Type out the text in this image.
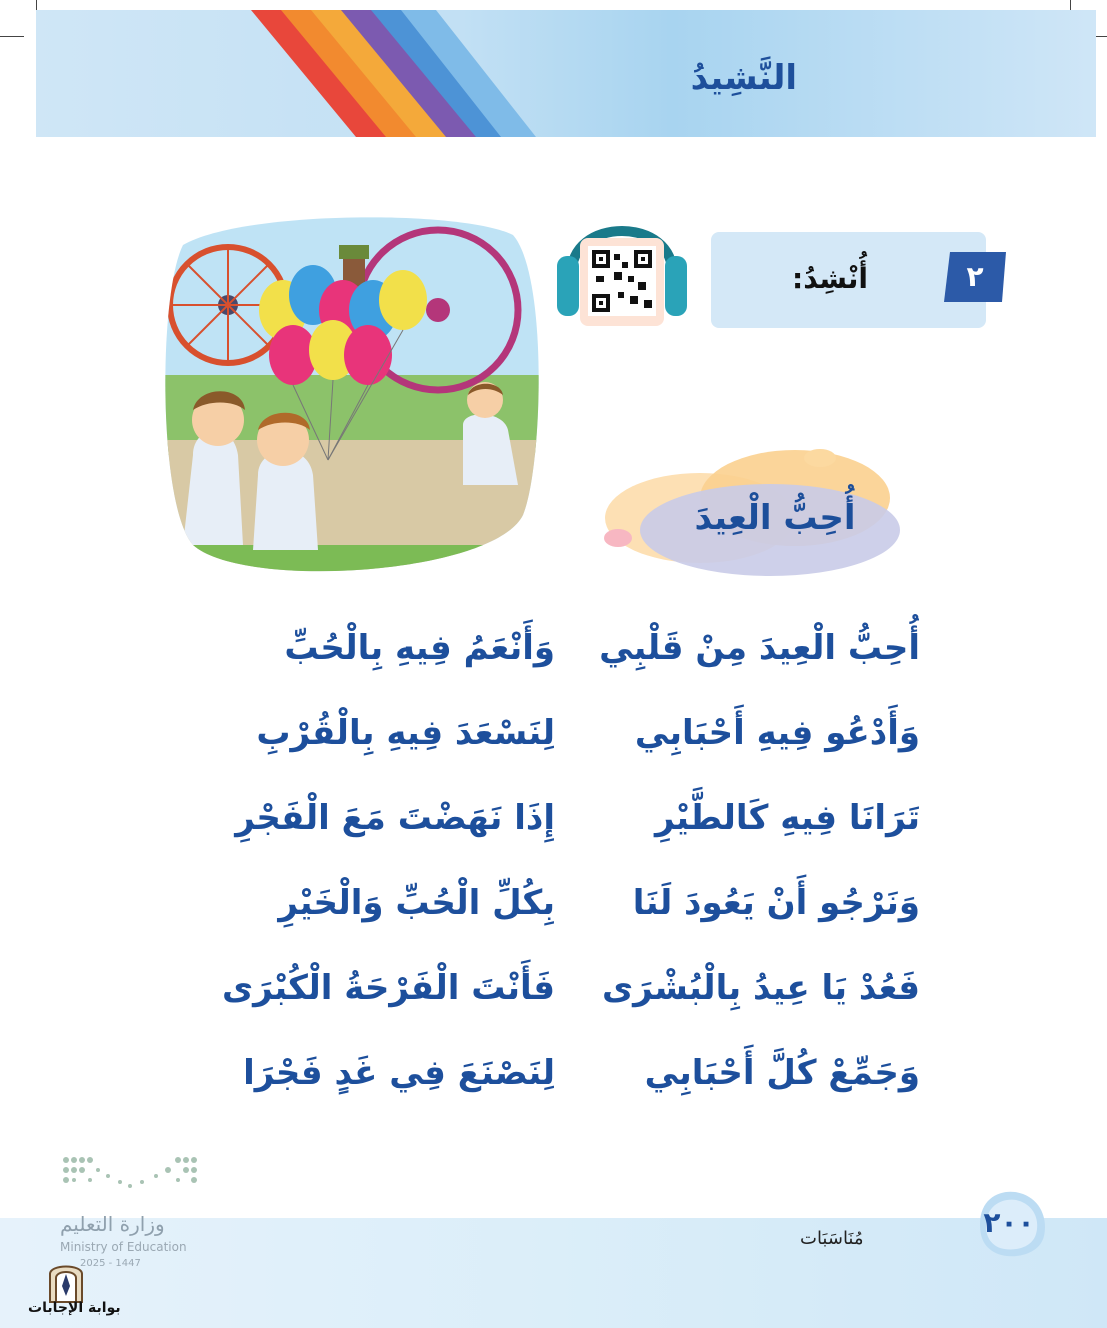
النَّشِيدُ
أُنْشِدُ:	٢
أُحِبُّ الْعِيدَ
أُحِبُّ الْعِيدَ مِنْ قَلْبِي
وَأَنْعَمُ فِيهِ بِالْحُبِّ
وَأَدْعُو فِيهِ أَحْبَابِي
لِنَسْعَدَ فِيهِ بِالْقُرْبِ
تَرَانَا فِيهِ كَالطَّيْرِ
إِذَا نَهَضْتَ مَعَ الْفَجْرِ
وَنَرْجُو أَنْ يَعُودَ لَنَا
بِكُلِّ الْحُبِّ وَالْخَيْرِ
فَعُدْ يَا عِيدُ بِالْبُشْرَى
فَأَنْتَ الْفَرْحَةُ الْكُبْرَى
وَجَمِّعْ كُلَّ أَحْبَابِي
لِنَصْنَعَ فِي غَدٍ فَجْرَا
وزارة التعليم
Ministry of Education
2025 - 1447
بوابة الإجابات
مُنَاسَبَات	٢٠٠
